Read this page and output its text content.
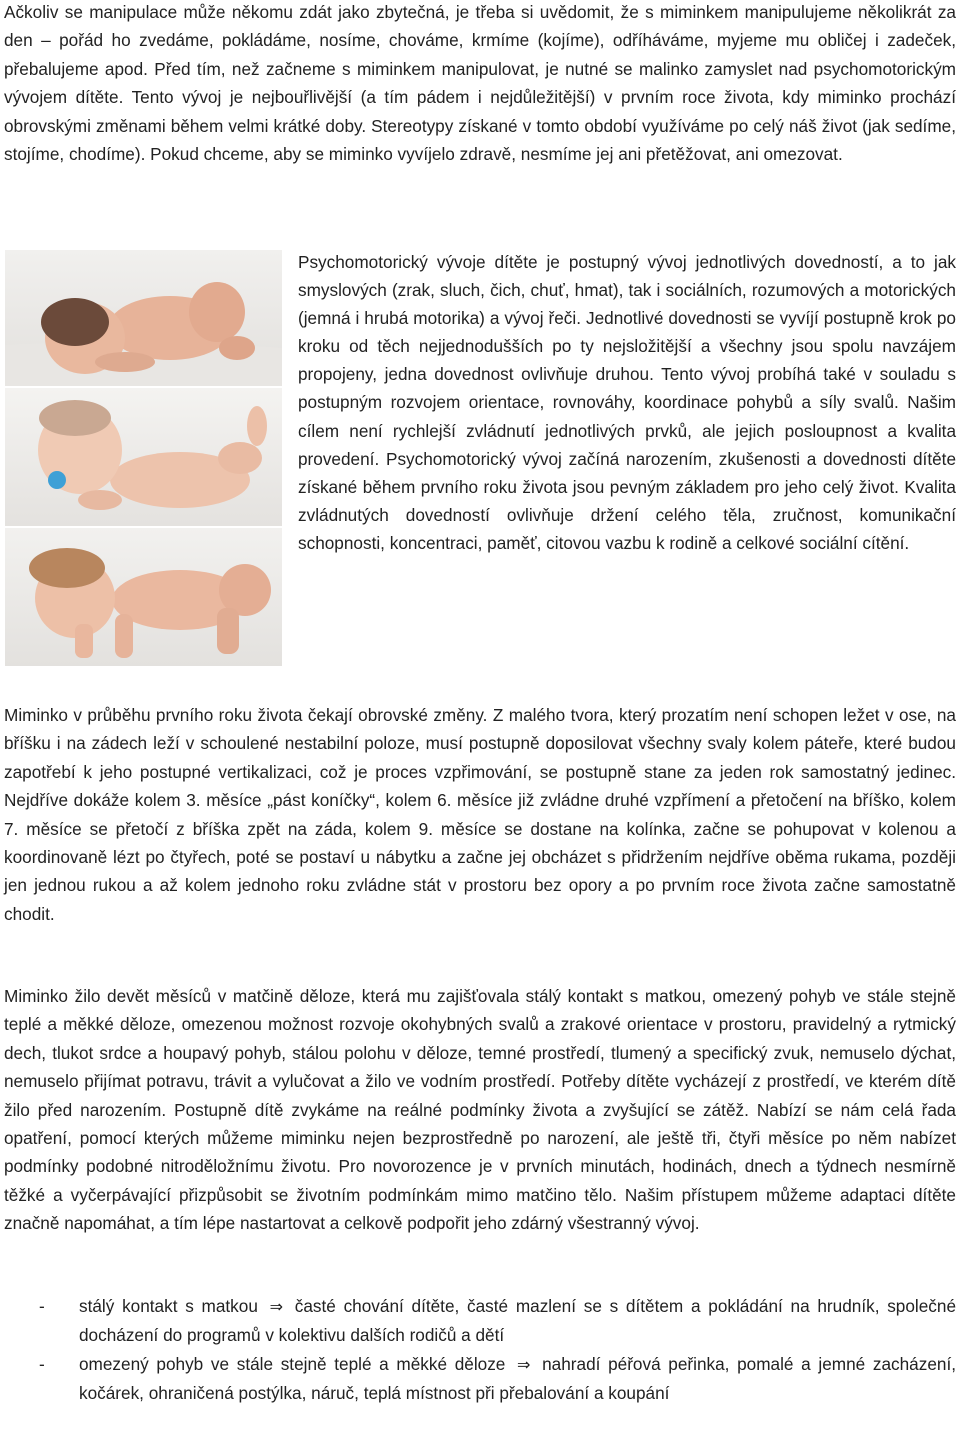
Ačkoliv se manipulace může někomu zdát jako zbytečná, je třeba si uvědomit, že s miminkem manipulujeme několikrát za den – pořád ho zvedáme, pokládáme, nosíme, chováme, krmíme (kojíme), odříháváme, myjeme mu obličej i zadeček, přebalujeme apod. Před tím, než začneme s miminkem manipulovat, je nutné se malinko zamyslet nad psychomotorickým vývojem dítěte. Tento vývoj je nejbouřlivější (a tím pádem i nejdůležitější) v prvním roce života, kdy miminko prochází obrovskými změnami během velmi krátké doby. Stereotypy získané v tomto období využíváme po celý náš život (jak sedíme, stojíme, chodíme). Pokud chceme, aby se miminko vyvíjelo zdravě, nesmíme jej ani přetěžovat, ani omezovat.

Psychomotorický vývoje dítěte je postupný vývoj jednotlivých dovedností, a to jak smyslových (zrak, sluch, čich, chuť, hmat), tak i sociálních, rozumových a motorických (jemná i hrubá motorika) a vývoj řeči. Jednotlivé dovednosti se vyvíjí postupně krok po kroku od těch nejjednodušších po ty nejsložitější a všechny jsou spolu navzájem propojeny, jedna dovednost ovlivňuje druhou. Tento vývoj probíhá také v souladu s postupným rozvojem orientace, rovnováhy, koordinace pohybů a síly svalů. Našim cílem není rychlejší zvládnutí jednotlivých prvků, ale jejich posloupnost a kvalita provedení. Psychomotorický vývoj začíná narozením, zkušenosti a dovednosti dítěte získané během prvního roku života jsou pevným základem pro jeho celý život. Kvalita zvládnutých dovedností ovlivňuje držení celého těla, zručnost, komunikační schopnosti, koncentraci, paměť, citovou vazbu k rodině a celkové sociální cítění.

Miminko v průběhu prvního roku života čekají obrovské změny. Z malého tvora, který prozatím není schopen ležet v ose, na bříšku i na zádech leží v schoulené nestabilní poloze, musí postupně doposilovat všechny svaly kolem páteře, které budou zapotřebí k jeho postupné vertikalizaci, což je proces vzpřimování, se postupně stane za jeden rok samostatný jedinec. Nejdříve dokáže kolem 3. měsíce „pást koníčky“, kolem 6. měsíce již zvládne druhé vzpřímení a přetočení na bříško, kolem 7. měsíce se přetočí z bříška zpět na záda, kolem 9. měsíce se dostane na kolínka, začne se pohupovat v kolenou a koordinovaně lézt po čtyřech, poté se postaví u nábytku a začne jej obcházet s přidržením nejdříve oběma rukama, později jen jednou rukou a až kolem jednoho roku zvládne stát v prostoru bez opory a po prvním roce života začne samostatně chodit.

Miminko žilo devět měsíců v matčině děloze, která mu zajišťovala stálý kontakt s matkou, omezený pohyb ve stále stejně teplé a měkké děloze, omezenou možnost rozvoje okohybných svalů a zrakové orientace v prostoru, pravidelný a rytmický dech, tlukot srdce a houpavý pohyb, stálou polohu v děloze, temné prostředí, tlumený a specifický zvuk, nemuselo dýchat, nemuselo přijímat potravu, trávit a vylučovat a žilo ve vodním prostředí. Potřeby dítěte vycházejí z prostředí, ve kterém dítě žilo před narozením. Postupně dítě zvykáme na reálné podmínky života a zvyšující se zátěž. Nabízí se nám celá řada opatření, pomocí kterých můžeme miminku nejen bezprostředně po narození, ale ještě tři, čtyři měsíce po něm nabízet podmínky podobné nitroděložnímu životu. Pro novorozence je v prvních minutách, hodinách, dnech a týdnech nesmírně těžké a vyčerpávající přizpůsobit se životním podmínkám mimo matčino tělo. Našim přístupem můžeme adaptaci dítěte značně napomáhat, a tím lépe nastartovat a celkově podpořit jeho zdárný všestranný vývoj.

- stálý kontakt s matkou ⇒ časté chování dítěte, časté mazlení se s dítětem a pokládání na hrudník, společné docházení do programů v kolektivu dalších rodičů a dětí
- omezený pohyb ve stále stejně teplé a měkké děloze ⇒ nahradí péřová peřinka, pomalé a jemné zacházení, kočárek, ohraničená postýlka, náruč, teplá místnost při přebalování a koupání
